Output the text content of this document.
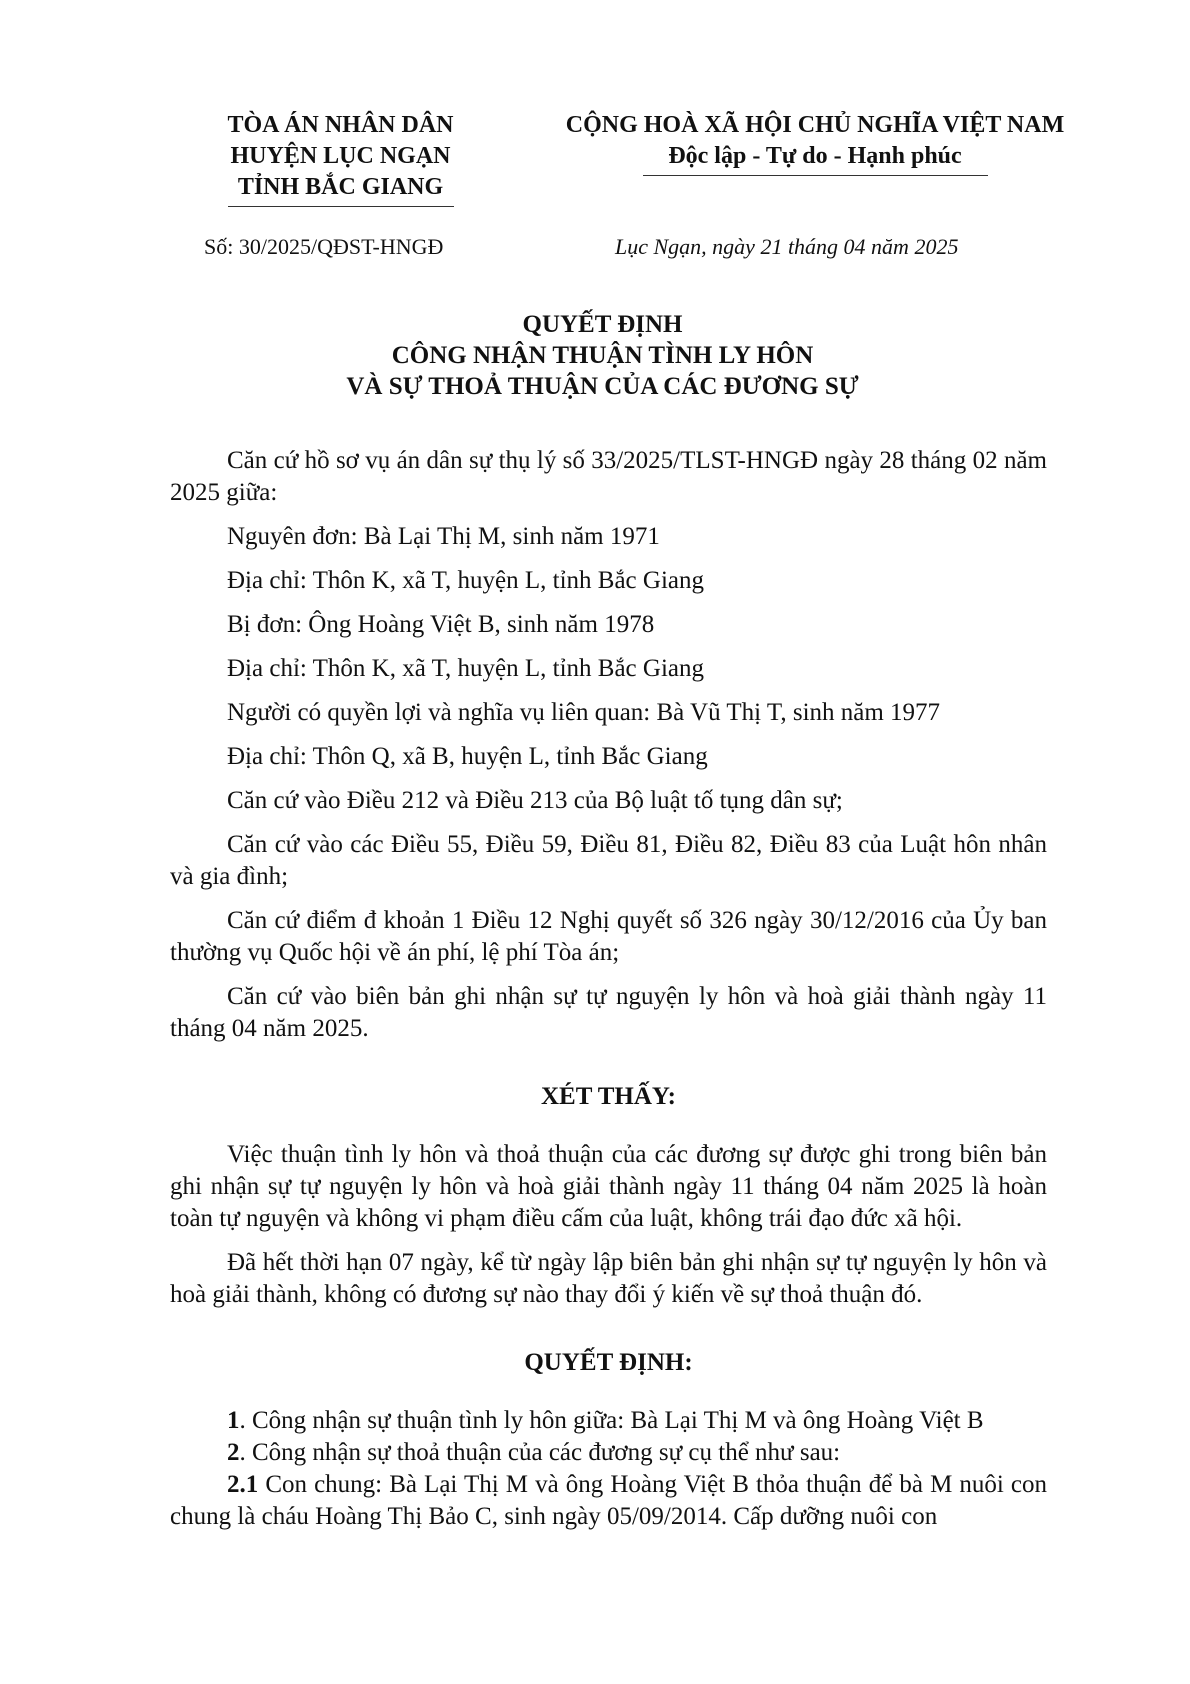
TÒA ÁN NHÂN DÂN
HUYỆN LỤC NGẠN
TỈNH BẮC GIANG
CỘNG HOÀ XÃ HỘI CHỦ NGHĨA VIỆT NAM
Độc lập - Tự do - Hạnh phúc
Số: 30/2025/QĐST-HNGĐ	Lục Ngạn, ngày 21 tháng 04 năm 2025
QUYẾT ĐỊNH
CÔNG NHẬN THUẬN TÌNH LY HÔN
VÀ SỰ THOẢ THUẬN CỦA CÁC ĐƯƠNG SỰ

Căn cứ hồ sơ vụ án dân sự thụ lý số 33/2025/TLST-HNGĐ ngày 28 tháng 02 năm 2025 giữa:

Nguyên đơn: Bà Lại Thị M, sinh năm 1971

Địa chỉ: Thôn K, xã T, huyện L, tỉnh Bắc Giang

Bị đơn: Ông Hoàng Việt B, sinh năm 1978

Địa chỉ: Thôn K, xã T, huyện L, tỉnh Bắc Giang

Người có quyền lợi và nghĩa vụ liên quan: Bà Vũ Thị T, sinh năm 1977

Địa chỉ: Thôn Q, xã B, huyện L, tỉnh Bắc Giang

Căn cứ vào Điều 212 và Điều 213 của Bộ luật tố tụng dân sự;

Căn cứ vào các Điều 55, Điều 59, Điều 81, Điều 82, Điều 83 của Luật hôn nhân và gia đình;

Căn cứ điểm đ khoản 1 Điều 12 Nghị quyết số 326 ngày 30/12/2016 của Ủy ban thường vụ Quốc hội về án phí, lệ phí Tòa án;

Căn cứ vào biên bản ghi nhận sự tự nguyện ly hôn và hoà giải thành ngày 11 tháng 04 năm 2025.

XÉT THẤY:

Việc thuận tình ly hôn và thoả thuận của các đương sự được ghi trong biên bản ghi nhận sự tự nguyện ly hôn và hoà giải thành ngày 11 tháng 04 năm 2025 là hoàn toàn tự nguyện và không vi phạm điều cấm của luật, không trái đạo đức xã hội.

Đã hết thời hạn 07 ngày, kể từ ngày lập biên bản ghi nhận sự tự nguyện ly hôn và hoà giải thành, không có đương sự nào thay đổi ý kiến về sự thoả thuận đó.

QUYẾT ĐỊNH:

1. Công nhận sự thuận tình ly hôn giữa: Bà Lại Thị M và ông Hoàng Việt B

2. Công nhận sự thoả thuận của các đương sự cụ thể như sau:

2.1 Con chung: Bà Lại Thị M và ông Hoàng Việt B thỏa thuận để bà M nuôi con chung là cháu Hoàng Thị Bảo C, sinh ngày 05/09/2014. Cấp dưỡng nuôi con
